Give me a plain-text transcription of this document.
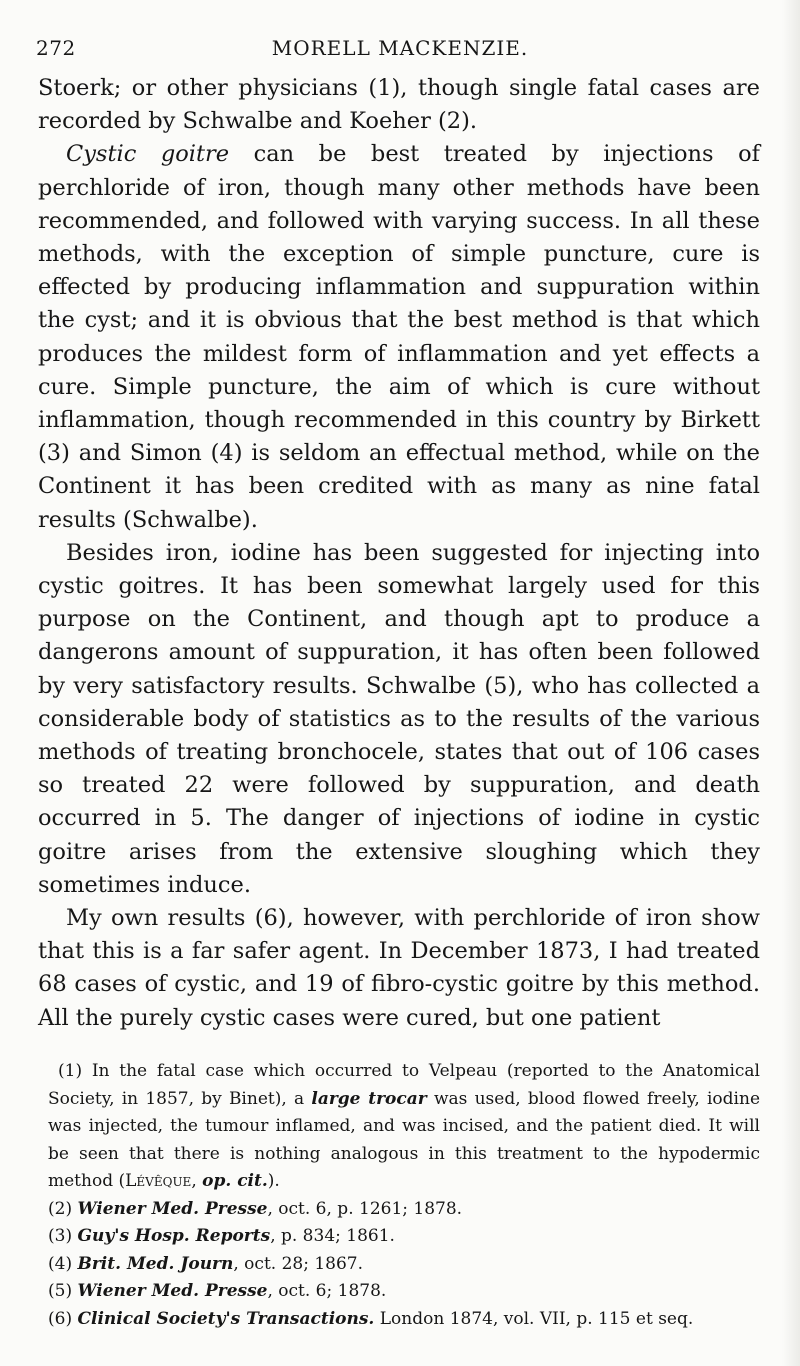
272	MORELL MACKENZIE.

Stoerk; or other physicians (1), though single fatal cases are recorded by Schwalbe and Koeher (2).

Cystic goitre can be best treated by injections of perchloride of iron, though many other methods have been recommended, and followed with varying success. In all these methods, with the exception of simple puncture, cure is effected by producing inflammation and suppuration within the cyst; and it is obvious that the best method is that which produces the mildest form of inflammation and yet effects a cure. Simple puncture, the aim of which is cure without inflammation, though recommended in this country by Birkett (3) and Simon (4) is seldom an effectual method, while on the Continent it has been credited with as many as nine fatal results (Schwalbe).

Besides iron, iodine has been suggested for injecting into cystic goitres. It has been somewhat largely used for this purpose on the Continent, and though apt to produce a dangerons amount of suppuration, it has often been followed by very satisfactory results. Schwalbe (5), who has collected a considerable body of statistics as to the results of the various methods of treating bronchocele, states that out of 106 cases so treated 22 were followed by suppuration, and death occurred in 5. The danger of injections of iodine in cystic goitre arises from the extensive sloughing which they sometimes induce.

My own results (6), however, with perchloride of iron show that this is a far safer agent. In December 1873, I had treated 68 cases of cystic, and 19 of fibro-cystic goitre by this method. All the purely cystic cases were cured, but one patient

(1) In the fatal case which occurred to Velpeau (reported to the Anatomical Society, in 1857, by Binet), a large trocar was used, blood flowed freely, iodine was injected, the tumour inflamed, and was incised, and the patient died. It will be seen that there is nothing analogous in this treatment to the hypodermic method (Lévêque, op. cit.).
(2) Wiener Med. Presse, oct. 6, p. 1261; 1878.
(3) Guy's Hosp. Reports, p. 834; 1861.
(4) Brit. Med. Journ, oct. 28; 1867.
(5) Wiener Med. Presse, oct. 6; 1878.
(6) Clinical Society's Transactions. London 1874, vol. VII, p. 115 et seq.
